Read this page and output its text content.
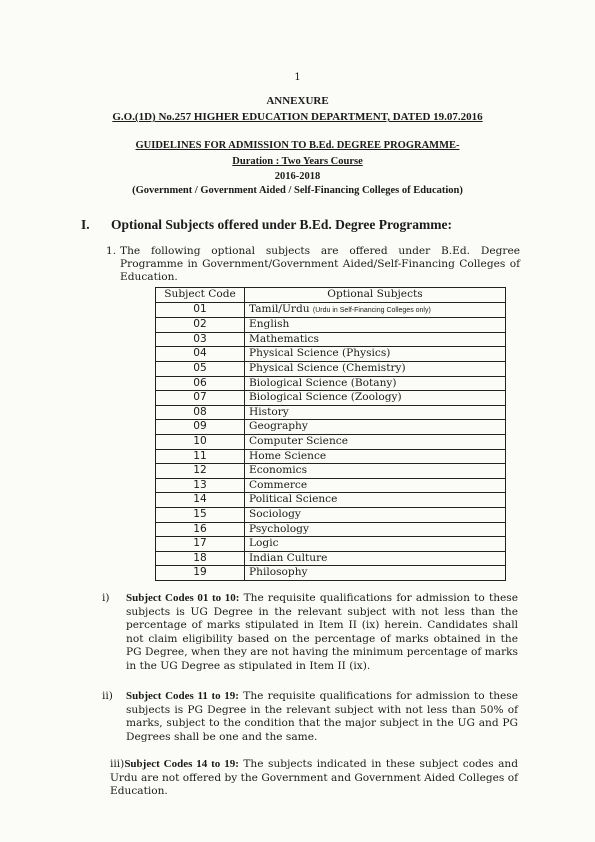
1
ANNEXURE
G.O.(1D) No.257 HIGHER EDUCATION DEPARTMENT, DATED 19.07.2016
GUIDELINES FOR ADMISSION TO B.Ed. DEGREE PROGRAMME-
Duration : Two Years Course
2016-2018
(Government / Government Aided / Self-Financing Colleges of Education)
I. Optional Subjects offered under B.Ed. Degree Programme:
1. The following optional subjects are offered under B.Ed. Degree Programme in Government/Government Aided/Self-Financing Colleges of Education.
Subject Code	Optional Subjects
01	Tamil/Urdu (Urdu in Self-Financing Colleges only)
02	English
03	Mathematics
04	Physical Science (Physics)
05	Physical Science (Chemistry)
06	Biological Science (Botany)
07	Biological Science (Zoology)
08	History
09	Geography
10	Computer Science
11	Home Science
12	Economics
13	Commerce
14	Political Science
15	Sociology
16	Psychology
17	Logic
18	Indian Culture
19	Philosophy
i) Subject Codes 01 to 10: The requisite qualifications for admission to these subjects is UG Degree in the relevant subject with not less than the percentage of marks stipulated in Item II (ix) herein. Candidates shall not claim eligibility based on the percentage of marks obtained in the PG Degree, when they are not having the minimum percentage of marks in the UG Degree as stipulated in Item II (ix).
ii) Subject Codes 11 to 19: The requisite qualifications for admission to these subjects is PG Degree in the relevant subject with not less than 50% of marks, subject to the condition that the major subject in the UG and PG Degrees shall be one and the same.
iii)Subject Codes 14 to 19: The subjects indicated in these subject codes and Urdu are not offered by the Government and Government Aided Colleges of Education.
